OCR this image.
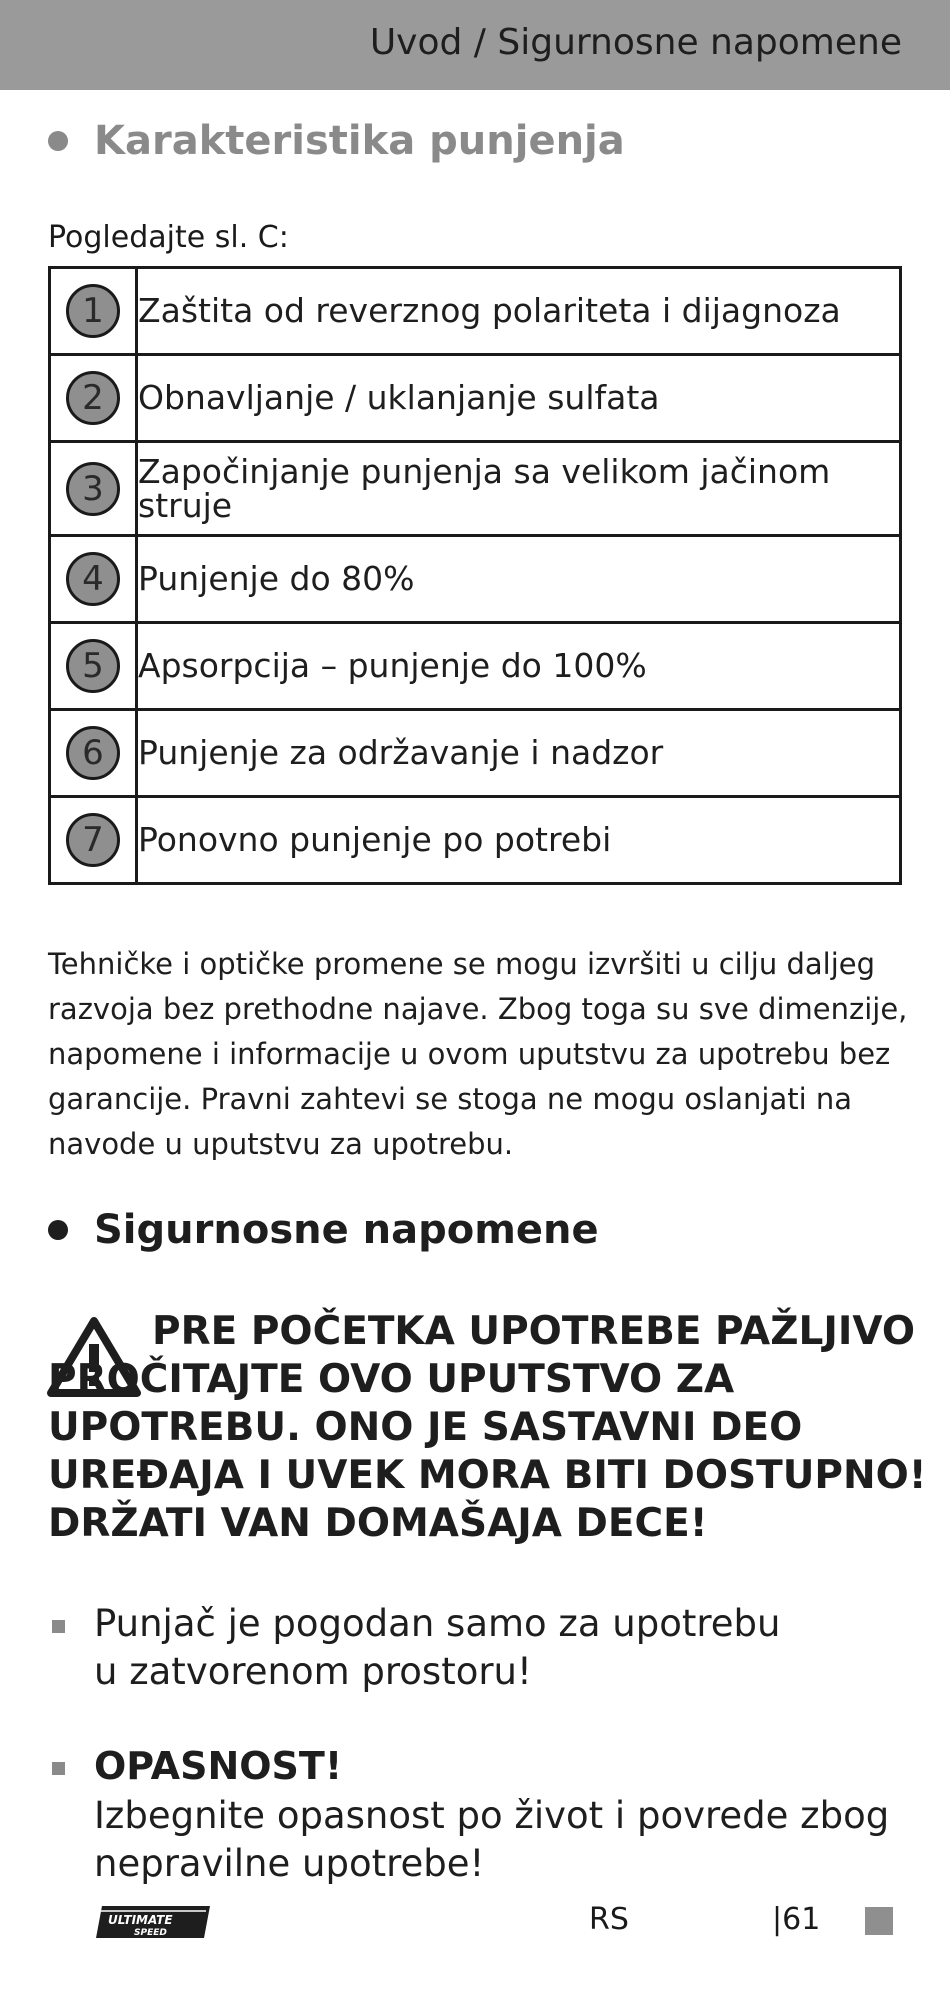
Uvod / Sigurnosne napomene
Karakteristika punjenja
Pogledajte sl. C:
1	Zaštita od reverznog polariteta i dijagnoza
2	Obnavljanje / uklanjanje sulfata
3	Započinjanje punjenja sa velikom jačinom struje
4	Punjenje do 80%
5	Apsorpcija – punjenje do 100%
6	Punjenje za održavanje i nadzor
7	Ponovno punjenje po potrebi
Tehničke i optičke promene se mogu izvršiti u cilju daljeg razvoja bez prethodne najave. Zbog toga su sve dimenzije, napomene i informacije u ovom uputstvu za upotrebu bez garancije. Pravni zahtevi se stoga ne mogu oslanjati na navode u uputstvu za upotrebu.
Sigurnosne napomene
PRE POČETKA UPOTREBE PAŽLJIVO PROČITAJTE OVO UPUTSTVO ZA UPOTREBU. ONO JE SASTAVNI DEO UREĐAJA I UVEK MORA BITI DOSTUPNO! DRŽATI VAN DOMAŠAJA DECE!
Punjač je pogodan samo za upotrebu
u zatvorenom prostoru!
OPASNOST!
Izbegnite opasnost po život i povrede zbog
nepravilne upotrebe!
ULTIMATE
SPEED	RS	|61
